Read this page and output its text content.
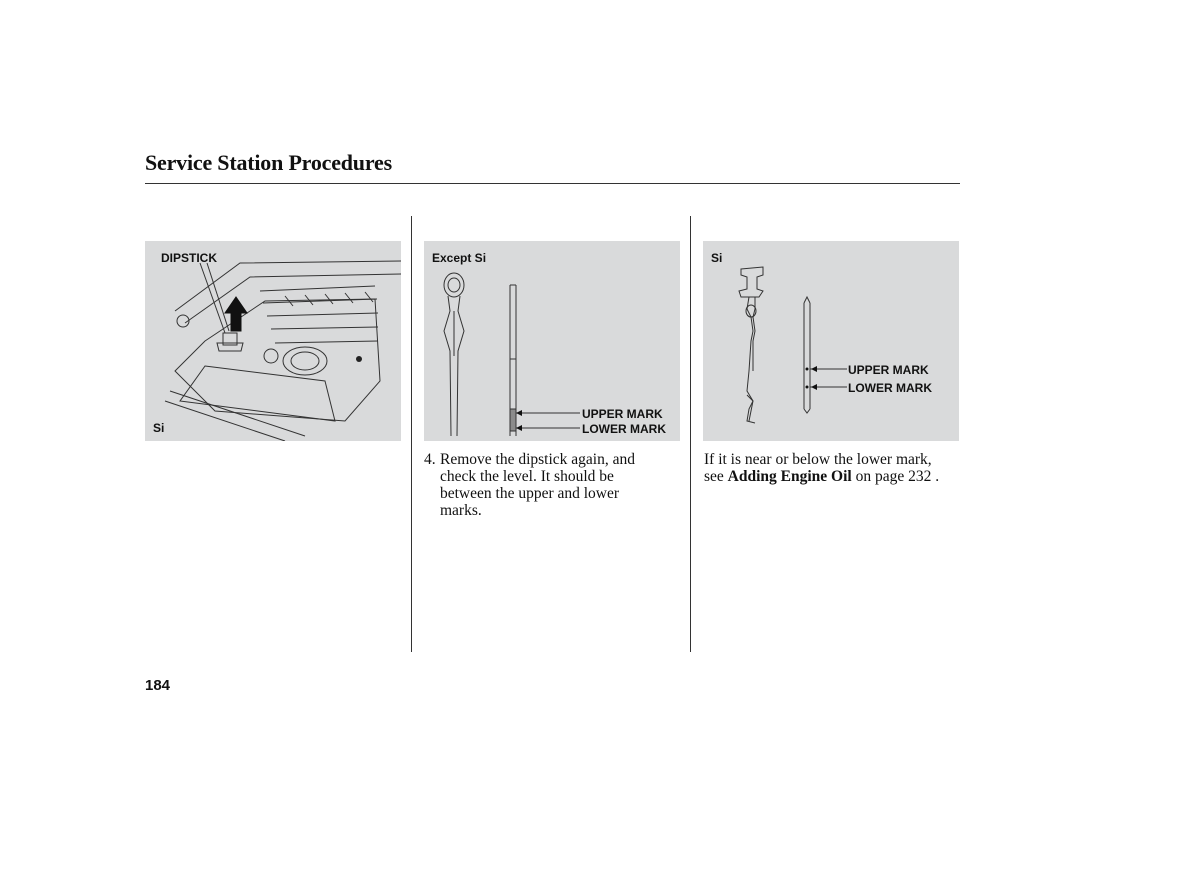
Service Station Procedures
DIPSTICK
Si
Except Si
UPPER MARK
LOWER MARK
Si
UPPER MARK
LOWER MARK
4. Remove the dipstick again, and
check the level. It should be
between the upper and lower
marks.
If it is near or below the lower mark,
see Adding Engine Oil on page 232 .
184
